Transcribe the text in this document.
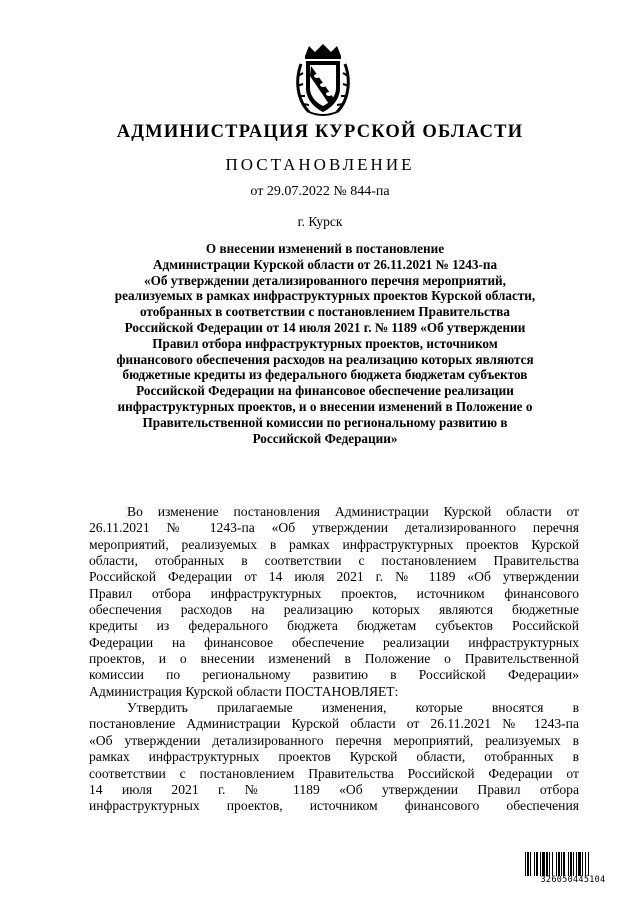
АДМИНИСТРАЦИЯ КУРСКОЙ ОБЛАСТИ
ПОСТАНОВЛЕНИЕ
от 29.07.2022 № 844-па
г. Курск
О внесении изменений в постановление
Администрации Курской области от 26.11.2021 № 1243-па
«Об утверждении детализированного перечня мероприятий,
реализуемых в рамках инфраструктурных проектов Курской области,
отобранных в соответствии с постановлением Правительства
Российской Федерации от 14 июля 2021 г. № 1189 «Об утверждении
Правил отбора инфраструктурных проектов, источником
финансового обеспечения расходов на реализацию которых являются
бюджетные кредиты из федерального бюджета бюджетам субъектов
Российской Федерации на финансовое обеспечение реализации
инфраструктурных проектов, и о внесении изменений в Положение о
Правительственной комиссии по региональному развитию в
Российской Федерации»
Во изменение постановления Администрации Курской области от
26.11.2021 № 1243-па «Об утверждении детализированного перечня
мероприятий, реализуемых в рамках инфраструктурных проектов Курской
области, отобранных в соответствии с постановлением Правительства
Российской Федерации от 14 июля 2021 г. № 1189 «Об утверждении
Правил отбора инфраструктурных проектов, источником финансового
обеспечения расходов на реализацию которых являются бюджетные
кредиты из федерального бюджета бюджетам субъектов Российской
Федерации на финансовое обеспечение реализации инфраструктурных
проектов, и о внесении изменений в Положение о Правительственной
комиссии по региональному развитию в Российской Федерации»
Администрация Курской области ПОСТАНОВЛЯЕТ:
Утвердить прилагаемые изменения, которые вносятся в
постановление Администрации Курской области от 26.11.2021 № 1243-па
«Об утверждении детализированного перечня мероприятий, реализуемых в
рамках инфраструктурных проектов Курской области, отобранных в
соответствии с постановлением Правительства Российской Федерации от
14 июля 2021 г. № 1189 «Об утверждении Правил отбора
инфраструктурных проектов, источником финансового обеспечения
326050445104
